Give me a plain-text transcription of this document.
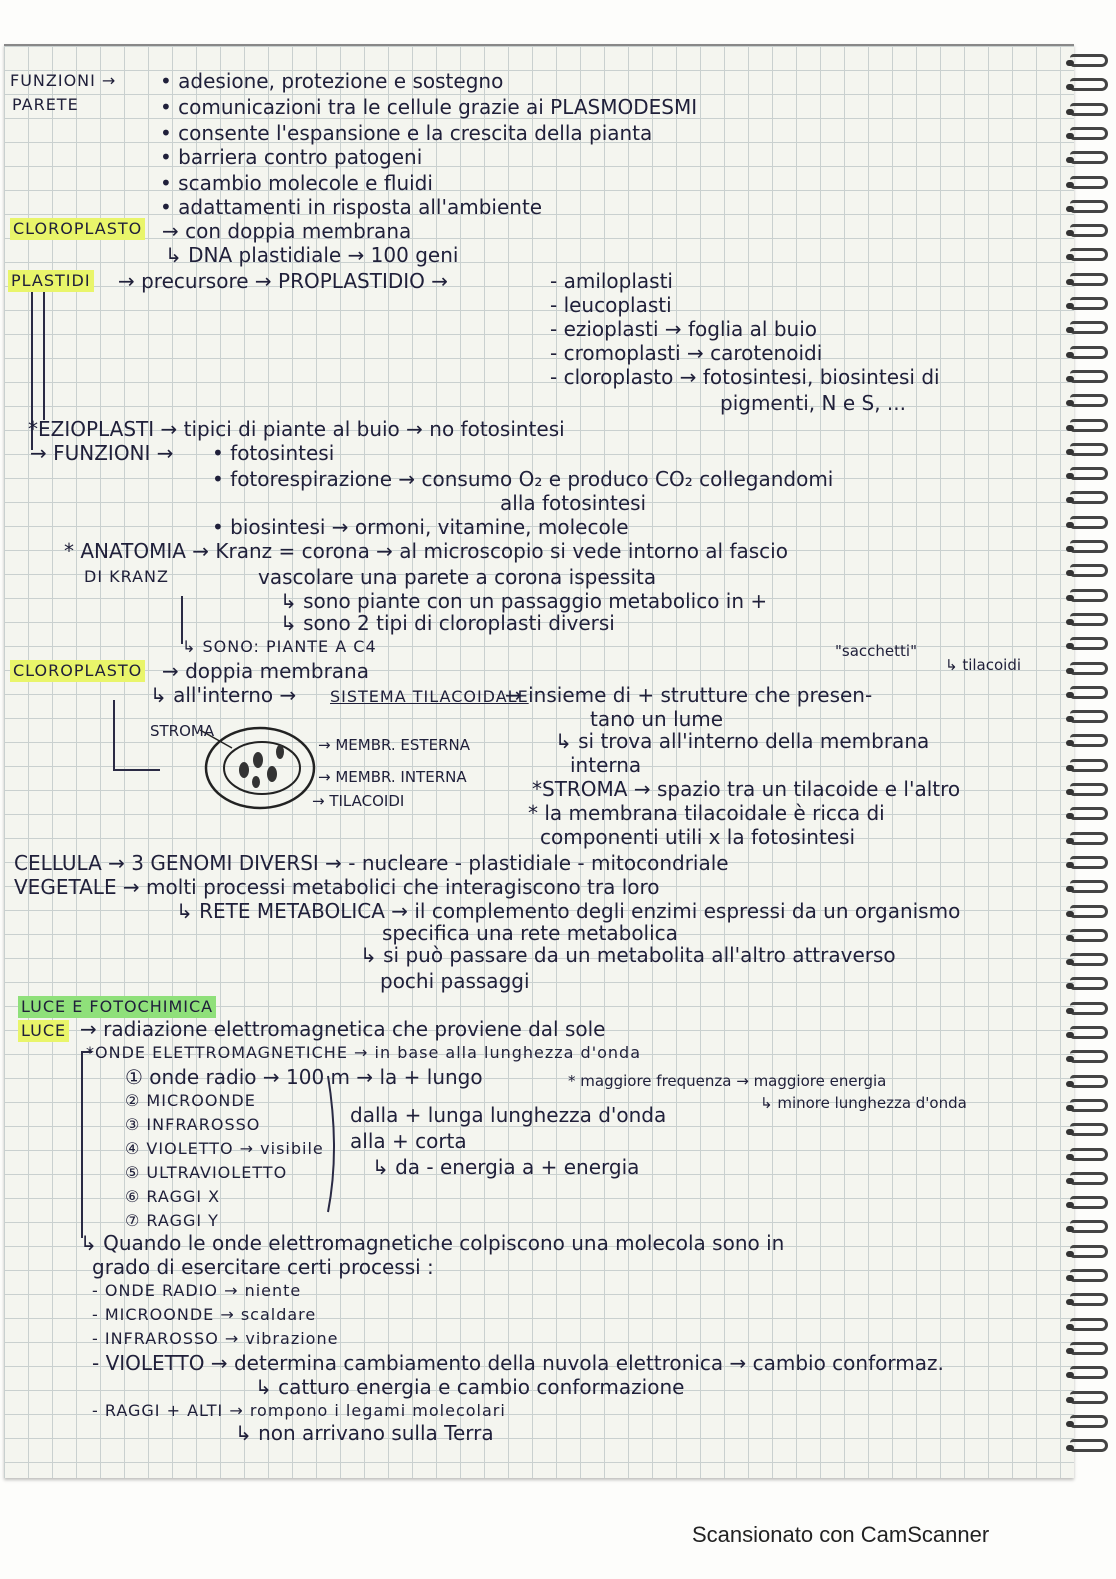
FUNZIONI →
PARETE
• adesione, protezione e sostegno
• comunicazioni tra le cellule grazie ai PLASMODESMI
• consente l'espansione e la crescita della pianta
• barriera contro patogeni
• scambio molecole e fluidi
• adattamenti in risposta all'ambiente
CLOROPLASTO → con doppia membrana
↳ DNA plastidiale → 100 geni
PLASTIDI → precursore → PROPLASTIDIO →	- amiloplasti
- leucoplasti
- ezioplasti → foglia al buio
- cromoplasti → carotenoidi
- cloroplasto → fotosintesi, biosintesi di
pigmenti, N e S, ...
*EZIOPLASTI → tipici di piante al buio → no fotosintesi
→ FUNZIONI → • fotosintesi
• fotorespirazione → consumo O₂ e produco CO₂ collegandomi
alla fotosintesi
• biosintesi → ormoni, vitamine, molecole
* ANATOMIA → Kranz = corona → al microscopio si vede intorno al fascio
DI KRANZ	vascolare una parete a corona ispessita
↳ sono piante con un passaggio metabolico in +
↳ sono 2 tipi di cloroplasti diversi
↳ SONO: PIANTE A C4
CLOROPLASTO → doppia membrana
"sacchetti"
↳ tilacoidi
↳ all'interno → SISTEMA TILACOIDALE
→ insieme di + strutture che presen-
tano un lume
STROMA
→ MEMBR. ESTERNA
→ MEMBR. INTERNA
→ TILACOIDI
↳ si trova all'interno della membrana
interna
*STROMA → spazio tra un tilacoide e l'altro
* la membrana tilacoidale è ricca di
componenti utili x la fotosintesi
CELLULA → 3 GENOMI DIVERSI → - nucleare - plastidiale - mitocondriale
VEGETALE → molti processi metabolici che interagiscono tra loro
↳ RETE METABOLICA → il complemento degli enzimi espressi da un organismo
specifica una rete metabolica
↳ si può passare da un metabolita all'altro attraverso
pochi passaggi
LUCE E FOTOCHIMICA
LUCE → radiazione elettromagnetica che proviene dal sole
*ONDE ELETTROMAGNETICHE → in base alla lunghezza d'onda
① onde radio → 100 m → la + lungo	* maggiore frequenza → maggiore energia
↳ minore lunghezza d'onda
② MICROONDE
③ INFRAROSSO
④ VIOLETTO → visibile
⑤ ULTRAVIOLETTO
⑥ RAGGI X
⑦ RAGGI Y
dalla + lunga lunghezza d'onda
alla + corta
↳ da - energia a + energia
↳ Quando le onde elettromagnetiche colpiscono una molecola sono in
grado di esercitare certi processi :
- ONDE RADIO → niente
- MICROONDE → scaldare
- INFRAROSSO → vibrazione
- VIOLETTO → determina cambiamento della nuvola elettronica → cambio conformaz.
↳ catturo energia e cambio conformazione
- RAGGI + ALTI → rompono i legami molecolari
↳ non arrivano sulla Terra
Scansionato con CamScanner
